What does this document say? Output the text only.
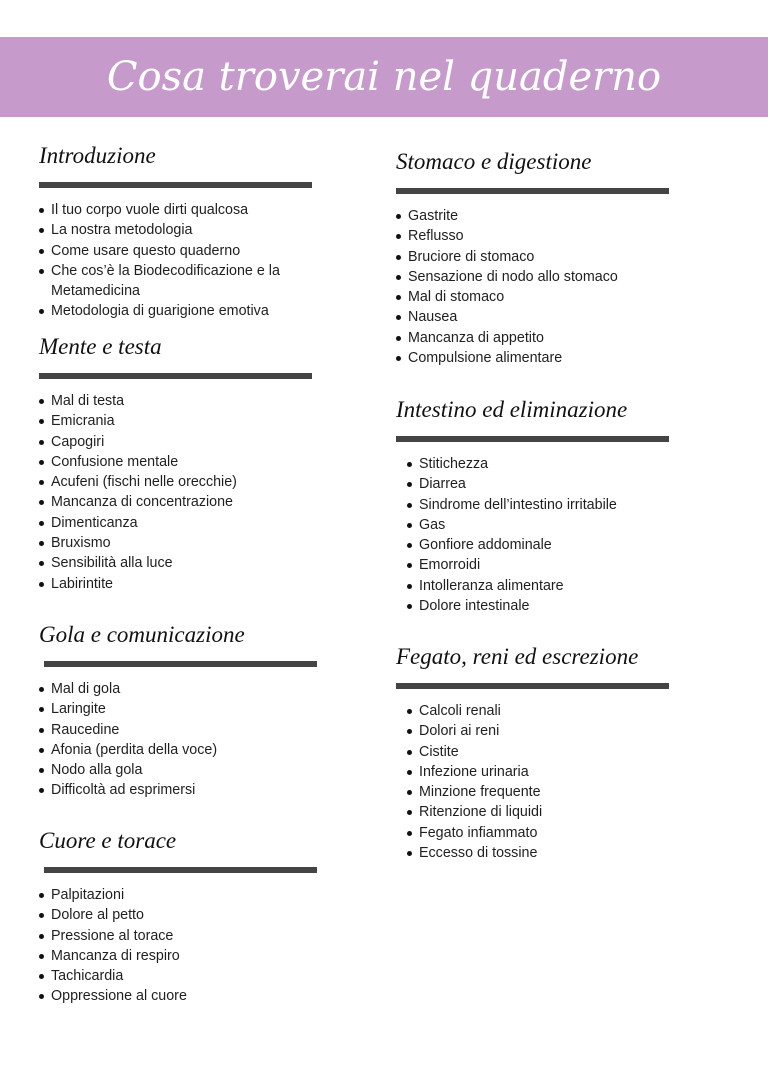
Cosa troverai nel quaderno
Introduzione
Il tuo corpo vuole dirti qualcosa
La nostra metodologia
Come usare questo quaderno
Che cos’è la Biodecodificazione e la Metamedicina
Metodologia di guarigione emotiva
Mente e testa
Mal di testa
Emicrania
Capogiri
Confusione mentale
Acufeni (fischi nelle orecchie)
Mancanza di concentrazione
Dimenticanza
Bruxismo
Sensibilità alla luce
Labirintite
Gola e comunicazione
Mal di gola
Laringite
Raucedine
Afonia (perdita della voce)
Nodo alla gola
Difficoltà ad esprimersi
Cuore e torace
Palpitazioni
Dolore al petto
Pressione al torace
Mancanza di respiro
Tachicardia
Oppressione al cuore
Stomaco e digestione
Gastrite
Reflusso
Bruciore di stomaco
Sensazione di nodo allo stomaco
Mal di stomaco
Nausea
Mancanza di appetito
Compulsione alimentare
Intestino ed eliminazione
Stitichezza
Diarrea
Sindrome dell’intestino irritabile
Gas
Gonfiore addominale
Emorroidi
Intolleranza alimentare
Dolore intestinale
Fegato, reni ed escrezione
Calcoli renali
Dolori ai reni
Cistite
Infezione urinaria
Minzione frequente
Ritenzione di liquidi
Fegato infiammato
Eccesso di tossine
